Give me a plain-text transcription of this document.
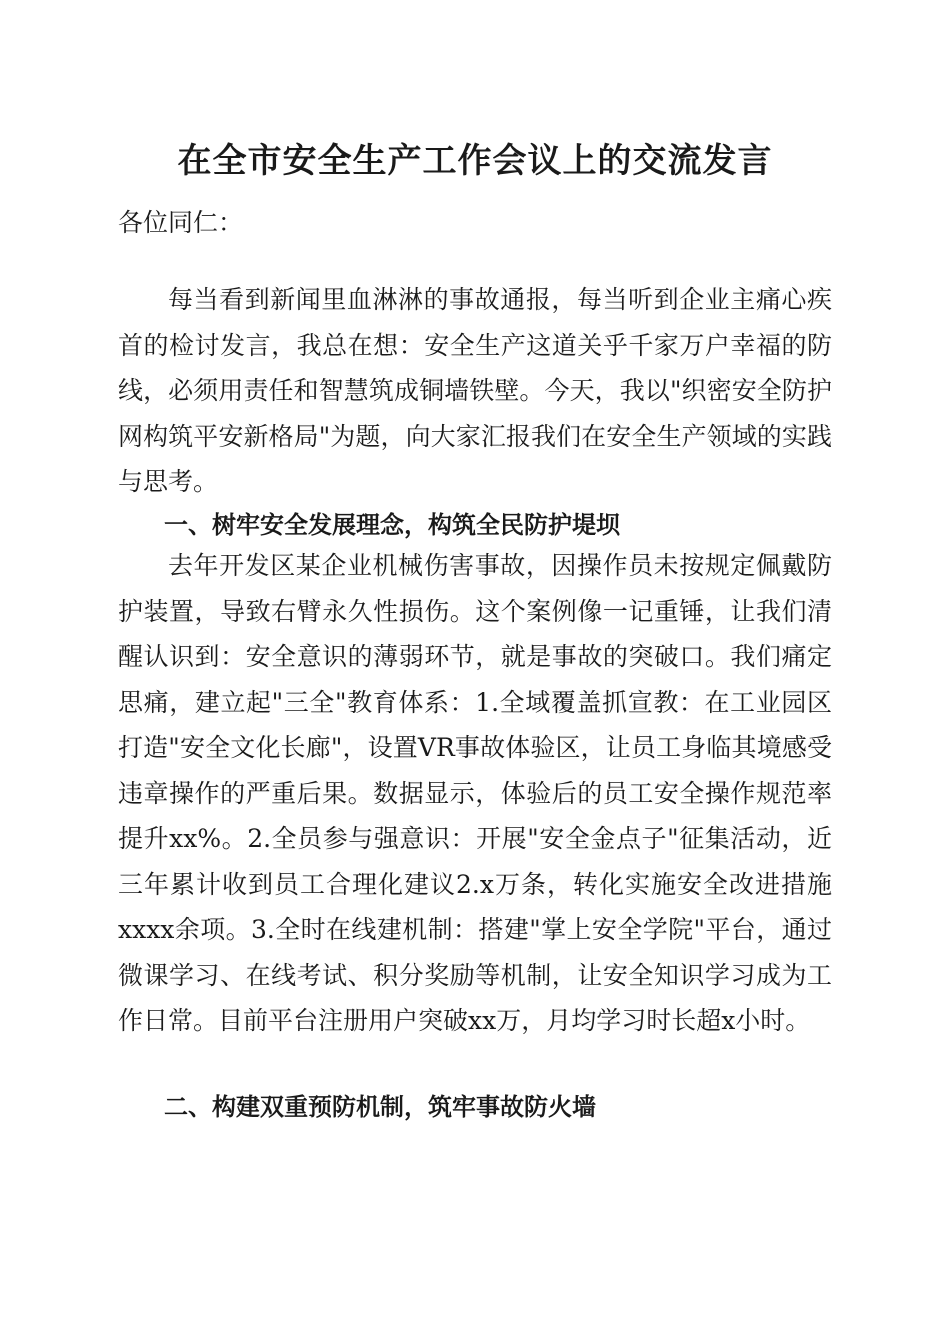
在全市安全生产工作会议上的交流发言

各位同仁：

每当看到新闻里血淋淋的事故通报，每当听到企业主痛心疾首的检讨发言，我总在想：安全生产这道关乎千家万户幸福的防线，必须用责任和智慧筑成铜墙铁壁。今天，我以"织密安全防护网构筑平安新格局"为题，向大家汇报我们在安全生产领域的实践与思考。

一、树牢安全发展理念，构筑全民防护堤坝

去年开发区某企业机械伤害事故，因操作员未按规定佩戴防护装置，导致右臂永久性损伤。这个案例像一记重锤，让我们清醒认识到：安全意识的薄弱环节，就是事故的突破口。我们痛定思痛，建立起"三全"教育体系：1.全域覆盖抓宣教：在工业园区打造"安全文化长廊"，设置VR事故体验区，让员工身临其境感受违章操作的严重后果。数据显示，体验后的员工安全操作规范率提升xx%。2.全员参与强意识：开展"安全金点子"征集活动，近三年累计收到员工合理化建议2.x万条，转化实施安全改进措施xxxx余项。3.全时在线建机制：搭建"掌上安全学院"平台，通过微课学习、在线考试、积分奖励等机制，让安全知识学习成为工作日常。目前平台注册用户突破xx万，月均学习时长超x小时。

二、构建双重预防机制，筑牢事故防火墙
